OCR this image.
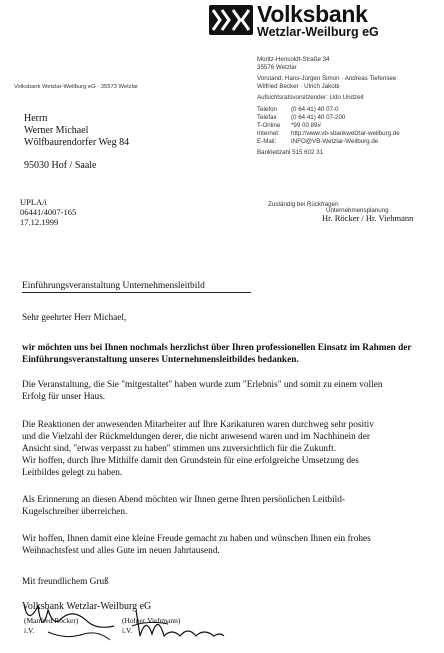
Volksbank
Wetzlar-Weilburg eG
Moritz-Hensoldt-Straße 34
35576 Wetzlar
Vorstand: Hans-Jürgen Simon · Andreas Tiefensee
Wilfried Becker · Ulrich Jakobi
Aufsichtsratsvorsitzender: Udo Undzeit
Telefon (0 64 41) 40 07-0
Telefax (0 64 41) 40 07-200
T-Online *99 00 89#
Internet: http://www.vb-sbankwetzlar-weilburg.de
E-Mail: INFO@VB-Wetzlar-Weilburg.de
Bankleitzahl 515 602 31
Volksbank Wetzlar-Weilburg eG · 35573 Wetzlar
Herrn
Werner Michael
Wölfbaurendorfer Weg 84
95030 Hof / Saale
UPLA/i
06441/4007-165
17.12.1999
Zuständig bei Rückfragen
Unternehmensplanung
Hr. Röcker / Hr. Viehmann
Einführungsveranstaltung Unternehmensleitbild
Sehr geehrter Herr Michael,
wir möchten uns bei Ihnen nochmals herzlichst über Ihren professionellen Einsatz im Rahmen der
Einführungsveranstaltung unseres Unternehmensleitbildes bedanken.
Die Veranstaltung, die Sie "mitgestaltet" haben wurde zum "Erlebnis" und somit zu einem vollen
Erfolg für unser Haus.
Die Reaktionen der anwesenden Mitarbeiter auf Ihre Karikaturen waren durchweg sehr positiv
und die Vielzahl der Rückmeldungen derer, die nicht anwesend waren und im Nachhinein der
Ansicht sind, "etwas verpasst zu haben" stimmen uns zuversichtlich für die Zukunft.
Wir hoffen, durch Ihre Mithilfe damit den Grundstein für eine erfolgreiche Umsetzung des
Leitbildes gelegt zu haben.
Als Erinnerung an diesen Abend möchten wir Ihnen gerne Ihren persönlichen Leitbild-
Kugelschreiber überreichen.
Wir hoffen, Ihnen damit eine kleine Freude gemacht zu haben und wünschen Ihnen ein frohes
Weihnachtsfest und alles Gute im neuen Jahrtausend.
Mit freundlichem Gruß
Volksbank Wetzlar-Weilburg eG
(Manfred Röcker)	(Holger Viehmann)
i.V.	i.V.
